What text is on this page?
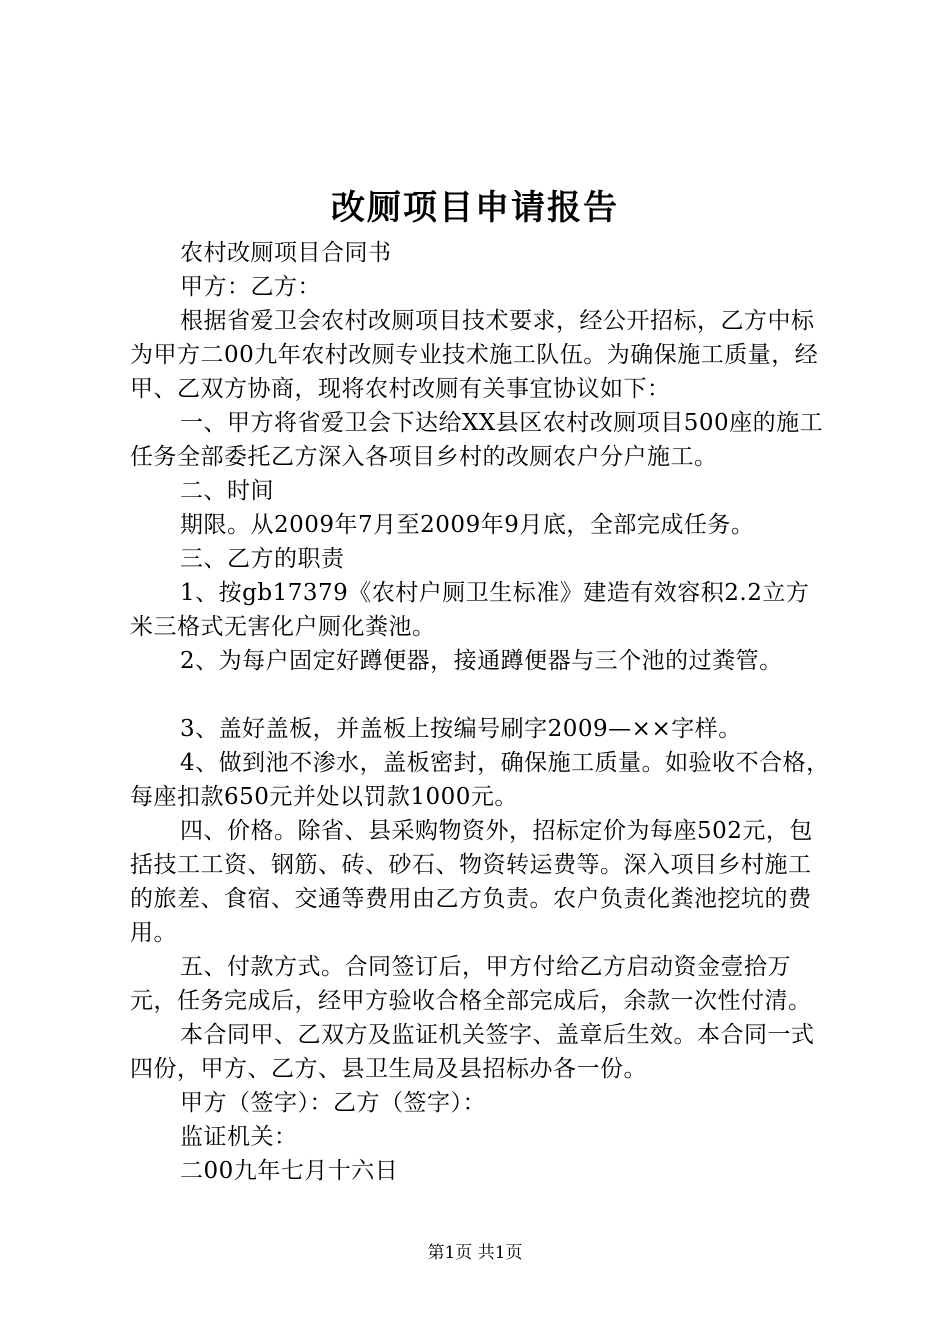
改厕项目申请报告

农村改厕项目合同书

甲方：乙方：

根据省爱卫会农村改厕项目技术要求，经公开招标，乙方中标为甲方二00九年农村改厕专业技术施工队伍。为确保施工质量，经甲、乙双方协商，现将农村改厕有关事宜协议如下：

一、甲方将省爱卫会下达给XX县区农村改厕项目500座的施工任务全部委托乙方深入各项目乡村的改厕农户分户施工。

二、时间

期限。从2009年7月至2009年9月底，全部完成任务。

三、乙方的职责

1、按gb17379《农村户厕卫生标准》建造有效容积2.2立方米三格式无害化户厕化粪池。

2、为每户固定好蹲便器，接通蹲便器与三个池的过粪管。

3、盖好盖板，并盖板上按编号刷字2009—××字样。

4、做到池不渗水，盖板密封，确保施工质量。如验收不合格，每座扣款650元并处以罚款1000元。

四、价格。除省、县采购物资外，招标定价为每座502元，包括技工工资、钢筋、砖、砂石、物资转运费等。深入项目乡村施工的旅差、食宿、交通等费用由乙方负责。农户负责化粪池挖坑的费用。

五、付款方式。合同签订后，甲方付给乙方启动资金壹拾万元，任务完成后，经甲方验收合格全部完成后，余款一次性付清。

本合同甲、乙双方及监证机关签字、盖章后生效。本合同一式四份，甲方、乙方、县卫生局及县招标办各一份。

甲方（签字）：乙方（签字）：

监证机关：

二00九年七月十六日

第1页 共1页
